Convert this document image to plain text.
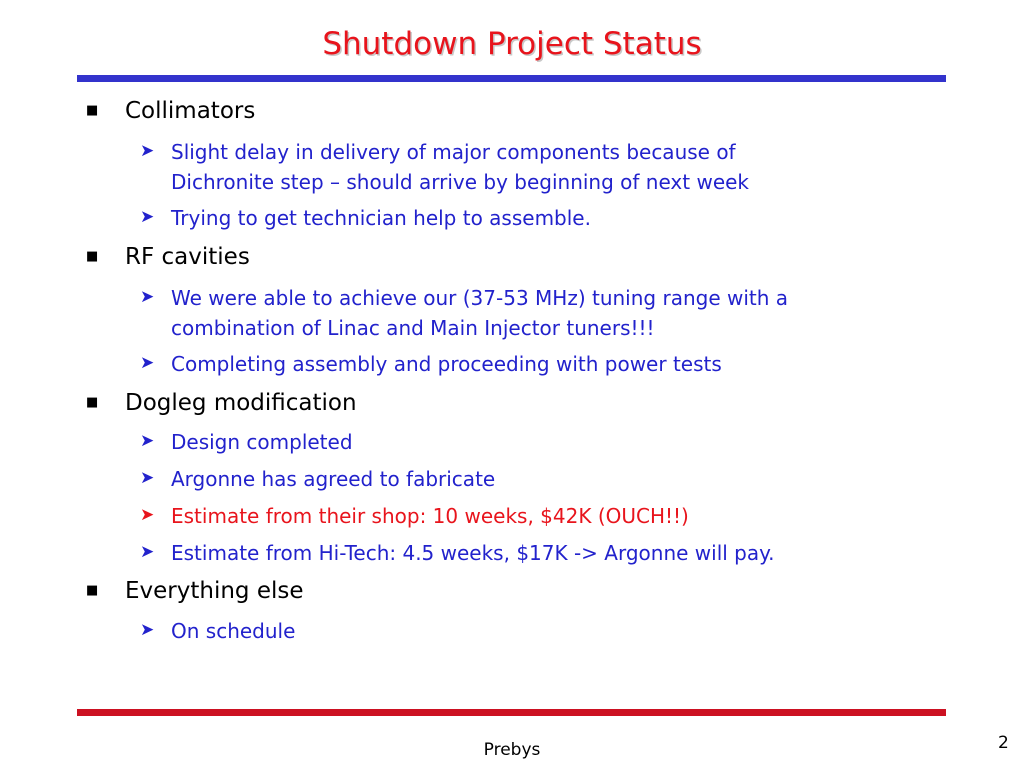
Shutdown Project Status
■ Collimators
➤ Slight delay in delivery of major components because of
Dichronite step – should arrive by beginning of next week
➤ Trying to get technician help to assemble.
■ RF cavities
➤ We were able to achieve our (37-53 MHz) tuning range with a
combination of Linac and Main Injector tuners!!!
➤ Completing assembly and proceeding with power tests
■ Dogleg modification
➤ Design completed
➤ Argonne has agreed to fabricate
➤ Estimate from their shop: 10 weeks, $42K (OUCH!!)
➤ Estimate from Hi-Tech: 4.5 weeks, $17K -> Argonne will pay.
■ Everything else
➤ On schedule
Prebys	2
